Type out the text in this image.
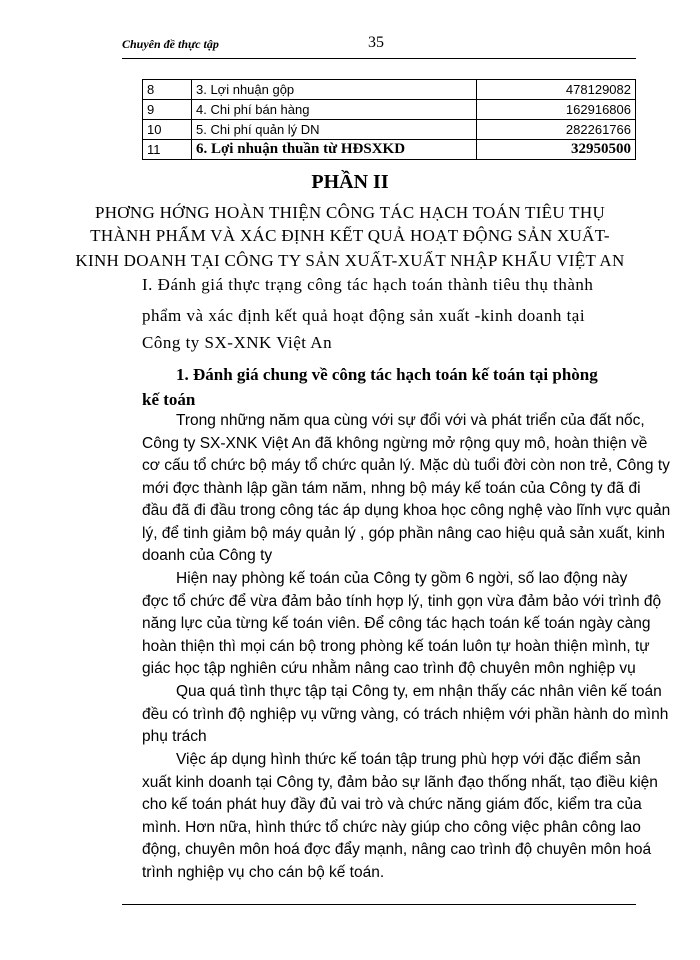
Chuyên đề thực tập	35
8	3. Lợi nhuận gộp	478129082
9	4. Chi phí bán hàng	162916806
10	5. Chi phí quản lý DN	282261766
11	6. Lợi nhuận thuần từ HĐSXKD	32950500
PHẦN II
PHƠNG HỚNG HOÀN THIỆN CÔNG TÁC HẠCH TOÁN TIÊU THỤ
THÀNH PHẨM VÀ XÁC ĐỊNH KẾT QUẢ HOẠT ĐỘNG SẢN XUẤT-
KINH DOANH TẠI CÔNG TY SẢN XUẤT-XUẤT NHẬP KHẨU VIỆT AN
I. Đánh giá thực trạng công tác hạch toán thành tiêu thụ thành
phẩm và xác định kết quả hoạt động sản xuất -kinh doanh tại
Công ty SX-XNK Việt An
1. Đánh giá chung về công tác hạch toán kế toán tại phòng
kế toán
Trong những năm qua cùng với sự đổi với và phát triển của đất nốc,
Công ty SX-XNK Việt An đã không ngừng mở rộng quy mô, hoàn thiện về
cơ cấu tổ chức bộ máy tổ chức quản lý. Mặc dù tuổi đời còn non trẻ, Công ty
mới đợc thành lập gần tám năm, nhng bộ máy kế toán của Công ty đã đi
đầu đã đi đầu trong công tác áp dụng khoa học công nghệ vào lĩnh vực quản
lý, để tinh giảm bộ máy quản lý , góp phần nâng cao hiệu quả sản xuất, kinh
doanh của Công ty
Hiện nay phòng kế toán của Công ty gồm 6 ngời, số lao động này
đợc tổ chức để vừa đảm bảo tính hợp lý, tinh gọn vừa đảm bảo với trình độ
năng lực của từng kế toán viên. Để công tác hạch toán kế toán ngày càng
hoàn thiện thì mọi cán bộ trong phòng kế toán luôn tự hoàn thiện mình, tự
giác học tập nghiên cứu nhằm nâng cao trình độ chuyên môn nghiệp vụ
Qua quá tình thực tập tại Công ty, em nhận thấy các nhân viên kế toán
đều có trình độ nghiệp vụ vững vàng, có trách nhiệm với phần hành do mình
phụ trách
Việc áp dụng hình thức kế toán tập trung phù hợp với đặc điểm sản
xuất kinh doanh tại Công ty, đảm bảo sự lãnh đạo thống nhất, tạo điều kiện
cho kế toán phát huy đầy đủ vai trò và chức năng giám đốc, kiểm tra của
mình. Hơn nữa, hình thức tổ chức này giúp cho công việc phân công lao
động, chuyên môn hoá đợc đẩy mạnh, nâng cao trình độ chuyên môn hoá
trình nghiệp vụ cho cán bộ kế toán.
